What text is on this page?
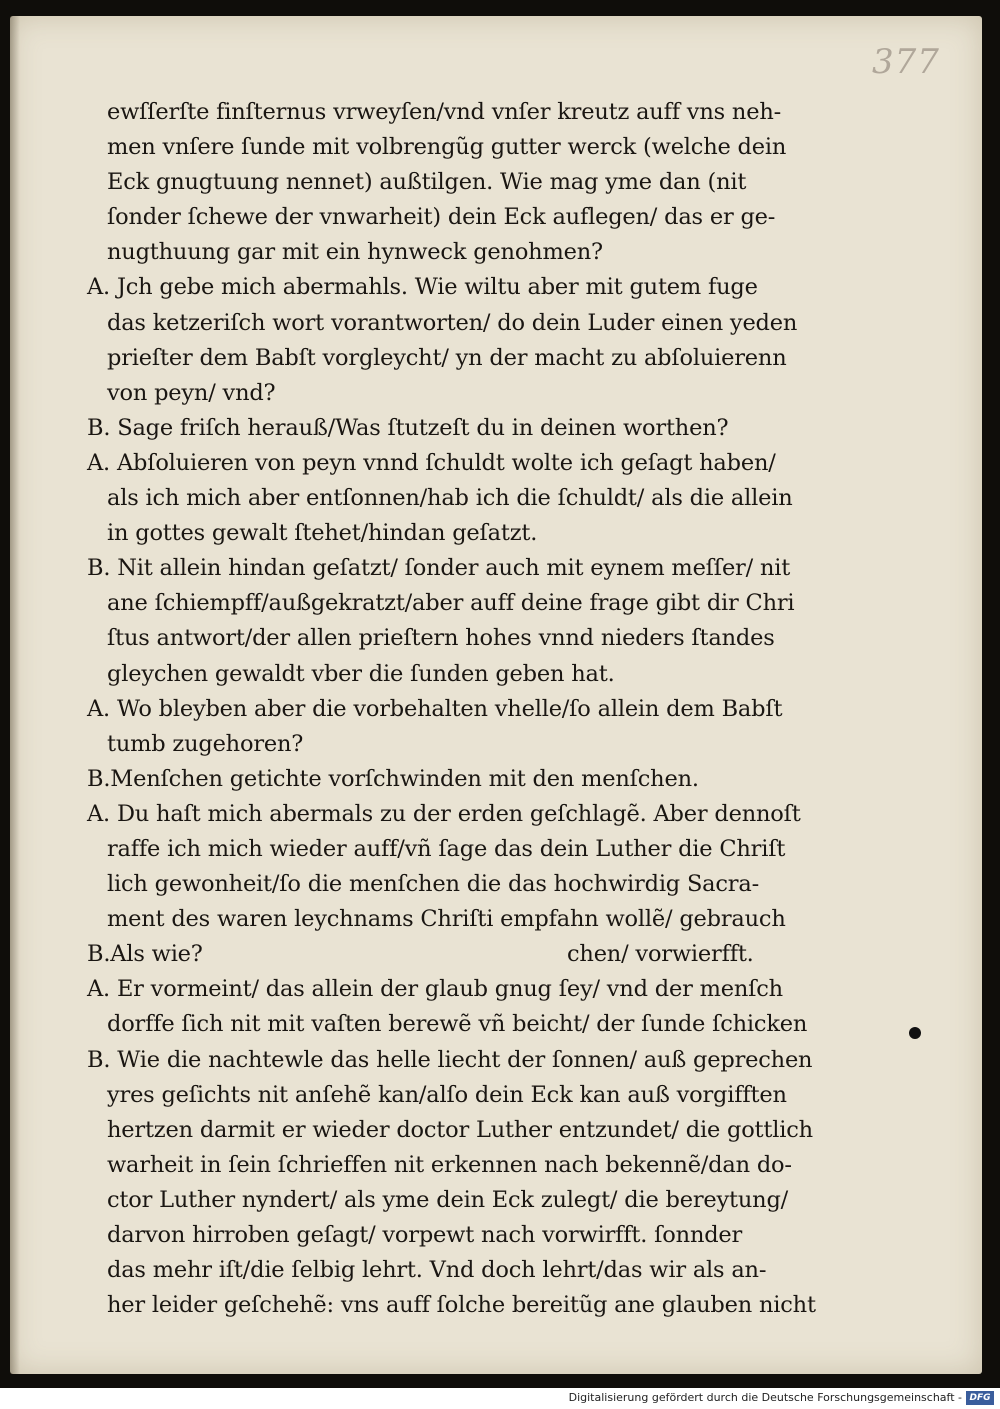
377
ewſſerſte finſternus vrweyſen/vnd vnſer kreutz auff vns neh-
men vnſere ſunde mit volbrengũg gutter werck (welche dein
Eck gnugtuung nennet) außtilgen. Wie mag yme dan (nit
ſonder ſchewe der vnwarheit) dein Eck auflegen/ das er ge-
nugthuung gar mit ein hynweck genohmen?
A. Jch gebe mich abermahls. Wie wiltu aber mit gutem fuge
das ketzeriſch wort vorantworten/ do dein Luder einen yeden
prieſter dem Babſt vorgleycht/ yn der macht zu abſoluierenn
von peyn/ vnd?
B. Sage friſch herauß/Was ſtutzeſt du in deinen worthen?
A. Abſoluieren von peyn vnnd ſchuldt wolte ich geſagt haben/
als ich mich aber entſonnen/hab ich die ſchuldt/ als die allein
in gottes gewalt ſtehet/hindan geſatzt.
B. Nit allein hindan geſatzt/ ſonder auch mit eynem meſſer/ nit
ane ſchiempff/außgekratzt/aber auff deine frage gibt dir Chri
ſtus antwort/der allen prieſtern hohes vnnd nieders ſtandes
gleychen gewaldt vber die ſunden geben hat.
A. Wo bleyben aber die vorbehalten vhelle/ſo allein dem Babſt
tumb zugehoren?
B.Menſchen getichte vorſchwinden mit den menſchen.
A. Du haſt mich abermals zu der erden geſchlagẽ. Aber dennoſt
raffe ich mich wieder auff/vñ ſage das dein Luther die Chriſt
lich gewonheit/ſo die menſchen die das hochwirdig Sacra-
ment des waren leychnams Chriſti empfahn wollẽ/ gebrauch
B.Als wie?	chen/ vorwierfft.
A. Er vormeint/ das allein der glaub gnug ſey/ vnd der menſch
dorffe ſich nit mit vaſten berewẽ vñ beicht/ der ſunde ſchicken
B. Wie die nachtewle das helle liecht der ſonnen/ auß geprechen
yres geſichts nit anſehẽ kan/alſo dein Eck kan auß vorgifften
hertzen darmit er wieder doctor Luther entzundet/ die gottlich
warheit in ſein ſchrieffen nit erkennen nach bekennẽ/dan do-
ctor Luther nyndert/ als yme dein Eck zulegt/ die bereytung/
darvon hirroben geſagt/ vorpewt nach vorwirfft. ſonnder
das mehr iſt/die ſelbig lehrt. Vnd doch lehrt/das wir als an-
her leider geſchehẽ: vns auff ſolche bereitũg ane glauben nicht
Digitalisierung gefördert durch die Deutsche Forschungsgemeinschaft - DFG
